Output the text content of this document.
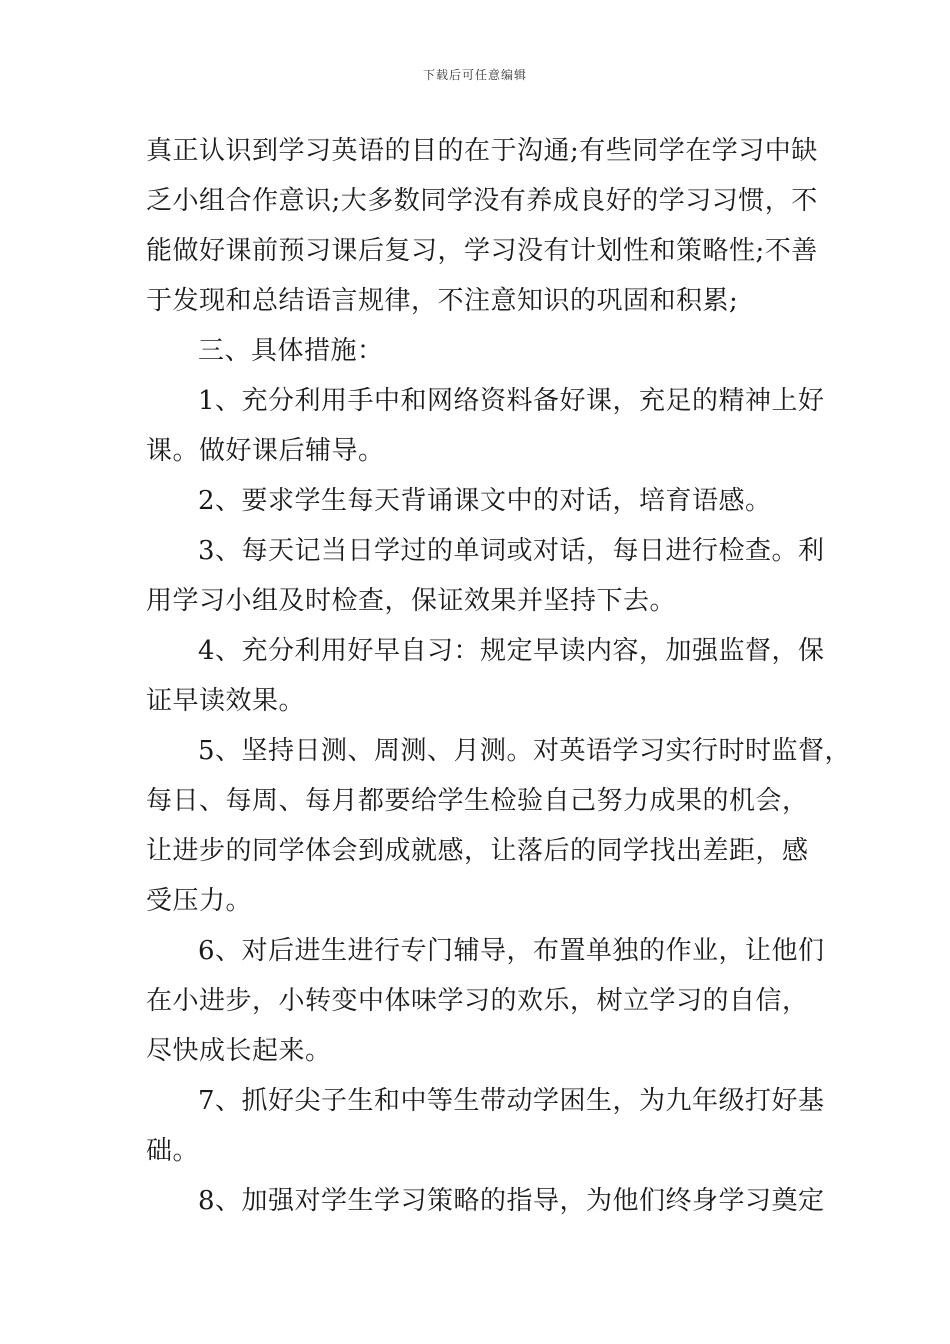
下载后可任意编辑
真正认识到学习英语的目的在于沟通;有些同学在学习中缺
乏小组合作意识;大多数同学没有养成良好的学习习惯，不
能做好课前预习课后复习，学习没有计划性和策略性;不善
于发现和总结语言规律，不注意知识的巩固和积累;
三、具体措施：
1、充分利用手中和网络资料备好课，充足的精神上好
课。做好课后辅导。
2、要求学生每天背诵课文中的对话，培育语感。
3、每天记当日学过的单词或对话，每日进行检查。利
用学习小组及时检查，保证效果并坚持下去。
4、充分利用好早自习：规定早读内容，加强监督，保
证早读效果。
5、坚持日测、周测、月测。对英语学习实行时时监督，
每日、每周、每月都要给学生检验自己努力成果的机会，
让进步的同学体会到成就感，让落后的同学找出差距，感
受压力。
6、对后进生进行专门辅导，布置单独的作业，让他们
在小进步，小转变中体味学习的欢乐，树立学习的自信，
尽快成长起来。
7、抓好尖子生和中等生带动学困生，为九年级打好基
础。
8、加强对学生学习策略的指导，为他们终身学习奠定
